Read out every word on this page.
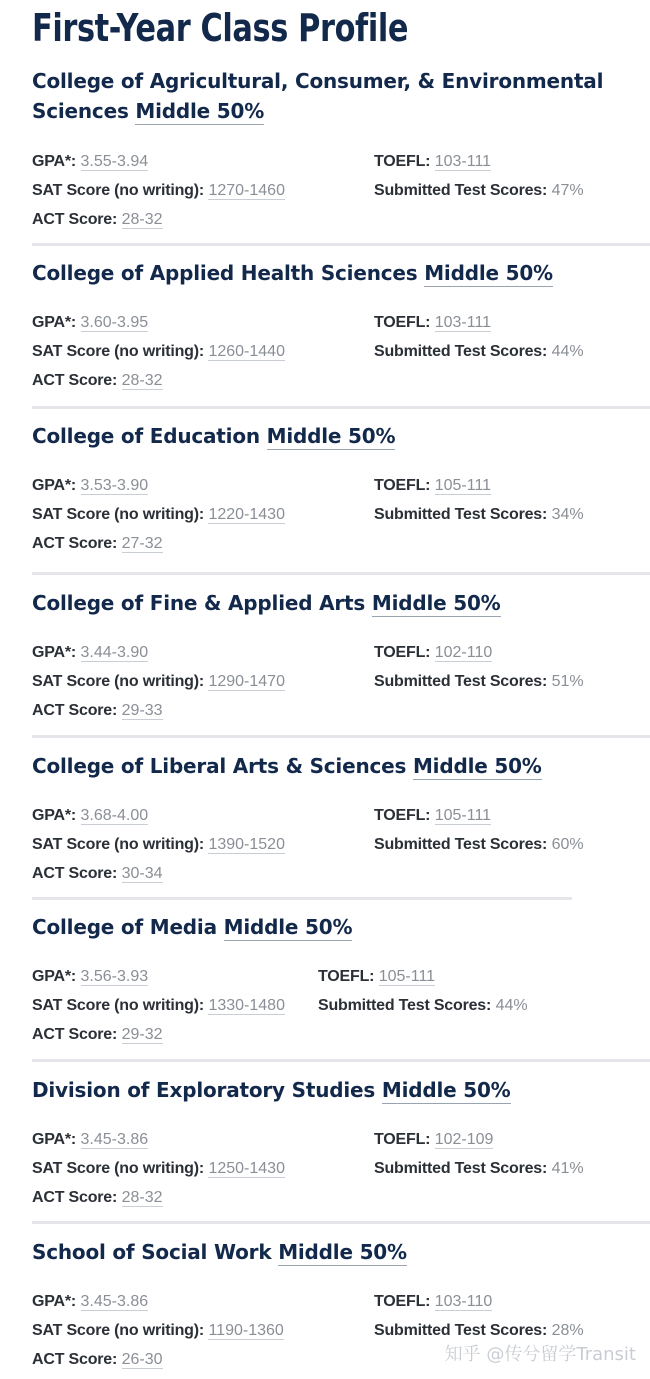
First-Year Class Profile
College of Agricultural, Consumer, & Environmental
Sciences Middle 50%
GPA*: 3.55-3.94
SAT Score (no writing): 1270-1460
ACT Score: 28-32
TOEFL: 103-111
Submitted Test Scores: 47%
College of Applied Health Sciences Middle 50%
GPA*: 3.60-3.95
SAT Score (no writing): 1260-1440
ACT Score: 28-32
TOEFL: 103-111
Submitted Test Scores: 44%
College of Education Middle 50%
GPA*: 3.53-3.90
SAT Score (no writing): 1220-1430
ACT Score: 27-32
TOEFL: 105-111
Submitted Test Scores: 34%
College of Fine & Applied Arts Middle 50%
GPA*: 3.44-3.90
SAT Score (no writing): 1290-1470
ACT Score: 29-33
TOEFL: 102-110
Submitted Test Scores: 51%
College of Liberal Arts & Sciences Middle 50%
GPA*: 3.68-4.00
SAT Score (no writing): 1390-1520
ACT Score: 30-34
TOEFL: 105-111
Submitted Test Scores: 60%
College of Media Middle 50%
GPA*: 3.56-3.93
SAT Score (no writing): 1330-1480
ACT Score: 29-32
TOEFL: 105-111
Submitted Test Scores: 44%
Division of Exploratory Studies Middle 50%
GPA*: 3.45-3.86
SAT Score (no writing): 1250-1430
ACT Score: 28-32
TOEFL: 102-109
Submitted Test Scores: 41%
School of Social Work Middle 50%
GPA*: 3.45-3.86
SAT Score (no writing): 1190-1360
ACT Score: 26-30
TOEFL: 103-110
Submitted Test Scores: 28%
知乎 @传兮留学Transit
